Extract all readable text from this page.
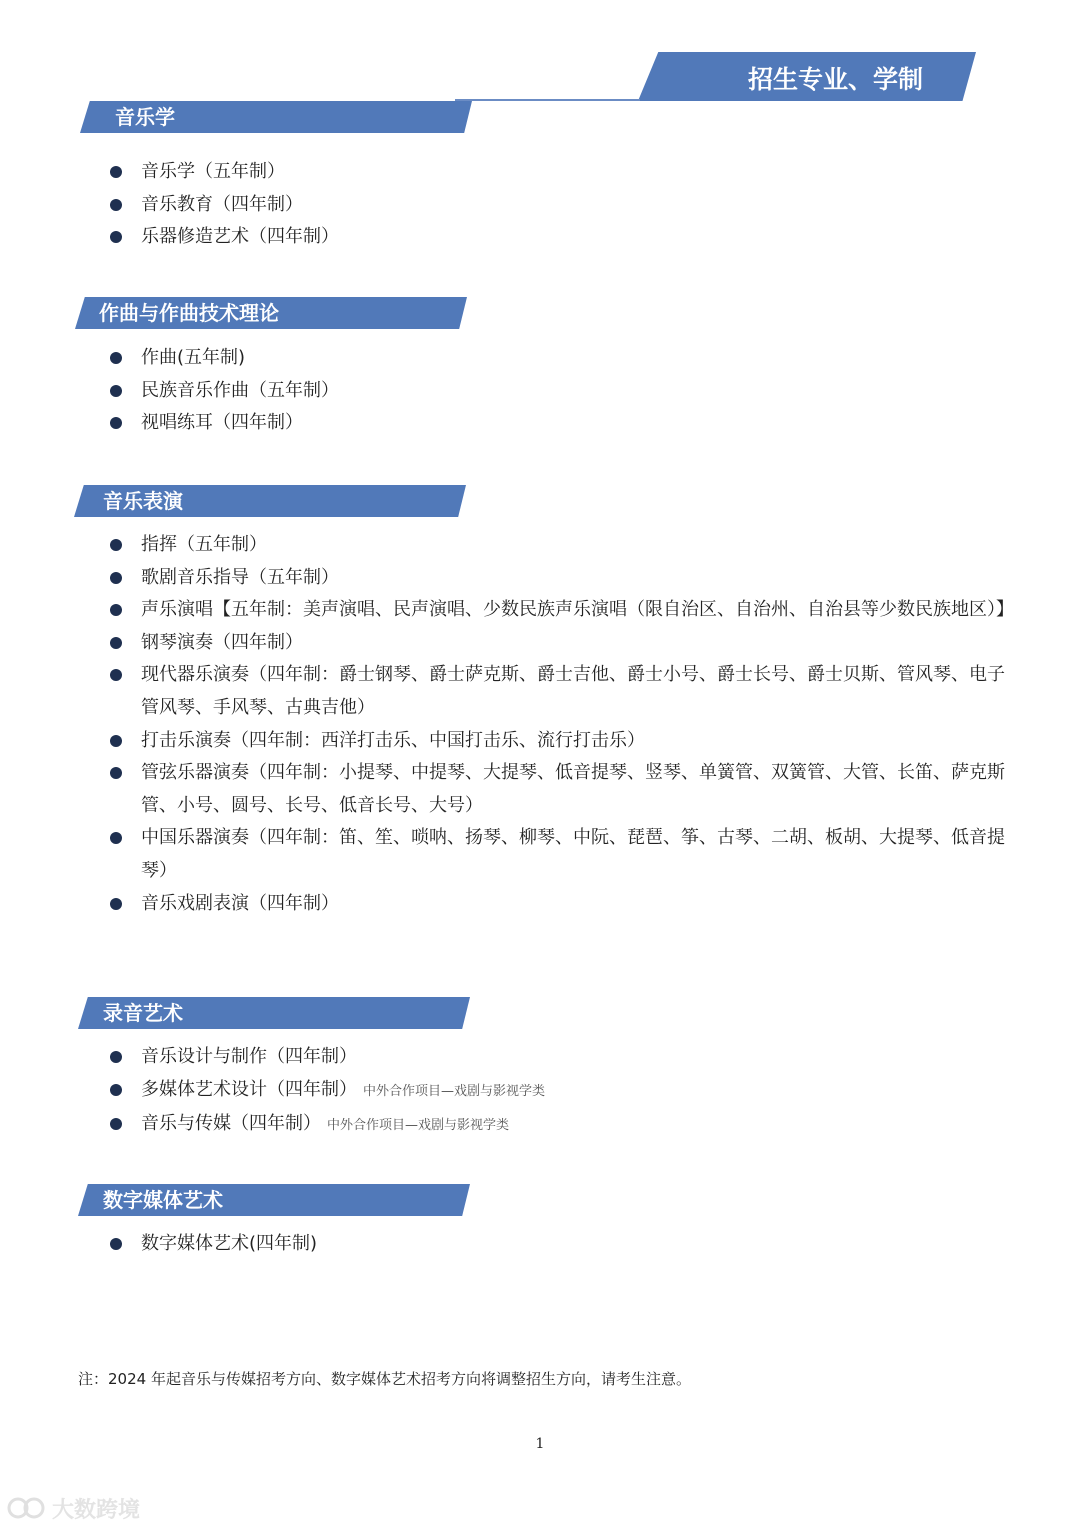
招生专业、学制
音乐学
音乐学（五年制）
音乐教育（四年制）
乐器修造艺术（四年制）
作曲与作曲技术理论
作曲(五年制)
民族音乐作曲（五年制）
视唱练耳（四年制）
音乐表演
指挥（五年制）
歌剧音乐指导（五年制）
声乐演唱【五年制：美声演唱、民声演唱、少数民族声乐演唱（限自治区、自治州、自治县等少数民族地区）】
钢琴演奏（四年制）
现代器乐演奏（四年制：爵士钢琴、爵士萨克斯、爵士吉他、爵士小号、爵士长号、爵士贝斯、管风琴、电子管风琴、手风琴、古典吉他）
打击乐演奏（四年制：西洋打击乐、中国打击乐、流行打击乐）
管弦乐器演奏（四年制：小提琴、中提琴、大提琴、低音提琴、竖琴、单簧管、双簧管、大管、长笛、萨克斯管、小号、圆号、长号、低音长号、大号）
中国乐器演奏（四年制：笛、笙、唢呐、扬琴、柳琴、中阮、琵琶、筝、古琴、二胡、板胡、大提琴、低音提琴）
音乐戏剧表演（四年制）
录音艺术
音乐设计与制作（四年制）
多媒体艺术设计（四年制） 中外合作项目—戏剧与影视学类
音乐与传媒（四年制） 中外合作项目—戏剧与影视学类
数字媒体艺术
数字媒体艺术(四年制)
注：2024 年起音乐与传媒招考方向、数字媒体艺术招考方向将调整招生方向，请考生注意。
1
大数跨境
